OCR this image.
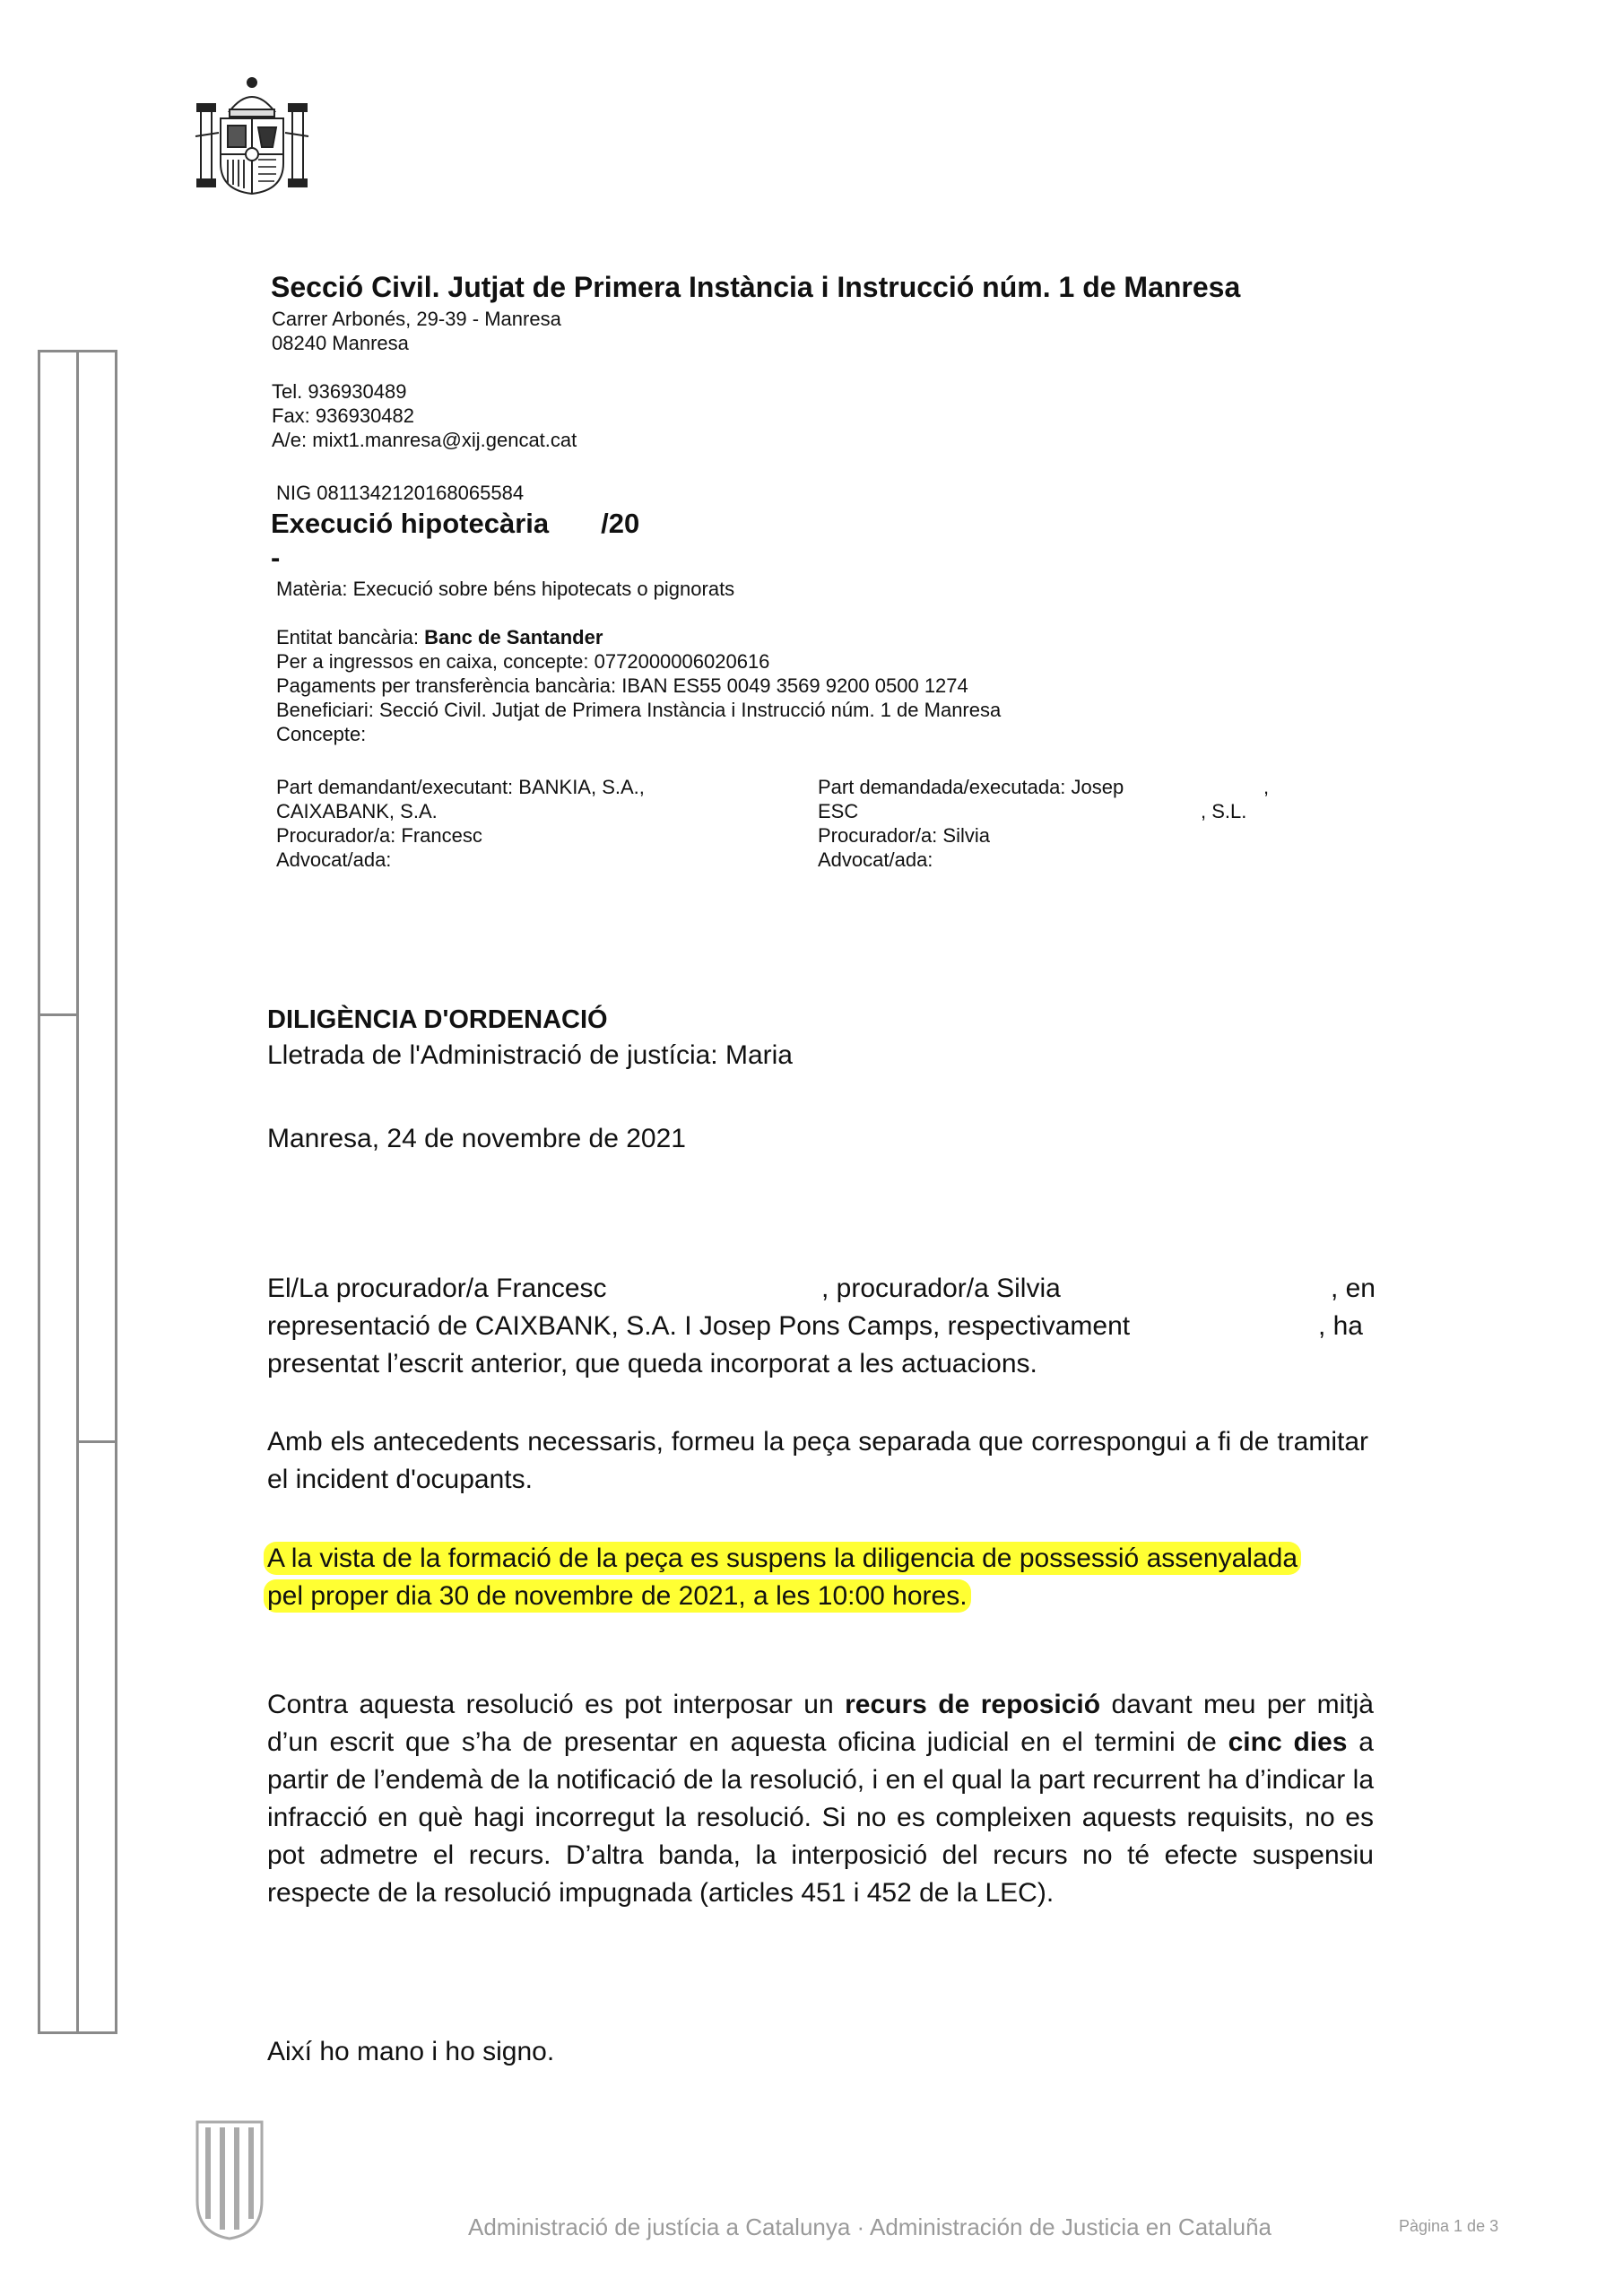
Secció Civil. Jutjat de Primera Instància i Instrucció núm. 1 de Manresa
Carrer Arbonés, 29-39 - Manresa
08240 Manresa
Tel. 936930489
Fax: 936930482
A/e: mixt1.manresa@xij.gencat.cat
NIG 0811342120168065584
Execució hipotecària /20
-
Matèria: Execució sobre béns hipotecats o pignorats
Entitat bancària: Banc de Santander
Per a ingressos en caixa, concepte: 0772000006020616
Pagaments per transferència bancària: IBAN ES55 0049 3569 9200 0500 1274
Beneficiari: Secció Civil. Jutjat de Primera Instància i Instrucció núm. 1 de Manresa
Concepte:
Part demandant/executant: BANKIA, S.A.,
CAIXABANK, S.A.
Procurador/a: Francesc
Advocat/ada:
Part demandada/executada: Josep	,
ESC	, S.L.
Procurador/a: Silvia
Advocat/ada:
DILIGÈNCIA D'ORDENACIÓ
Lletrada de l'Administració de justícia: Maria
Manresa, 24 de novembre de 2021
El/La procurador/a Francesc	, procurador/a Silvia	, en
representació de CAIXBANK, S.A. I Josep Pons Camps, respectivament	, ha
presentat l’escrit anterior, que queda incorporat a les actuacions.
Amb els antecedents necessaris, formeu la peça separada que correspongui a fi de tramitar el incident d'ocupants.
A la vista de la formació de la peça es suspens la diligencia de possessió assenyalada
pel proper dia 30 de novembre de 2021, a les 10:00 hores.
Contra aquesta resolució es pot interposar un recurs de reposició davant meu per mitjà d’un escrit que s’ha de presentar en aquesta oficina judicial en el termini de cinc dies a partir de l’endemà de la notificació de la resolució, i en el qual la part recurrent ha d’indicar la infracció en què hagi incorregut la resolució. Si no es compleixen aquests requisits, no es pot admetre el recurs. D’altra banda, la interposició del recurs no té efecte suspensiu respecte de la resolució impugnada (articles 451 i 452 de la LEC).
Així ho mano i ho signo.
Administració de justícia a Catalunya · Administración de Justicia en Cataluña	Pàgina 1 de 3
